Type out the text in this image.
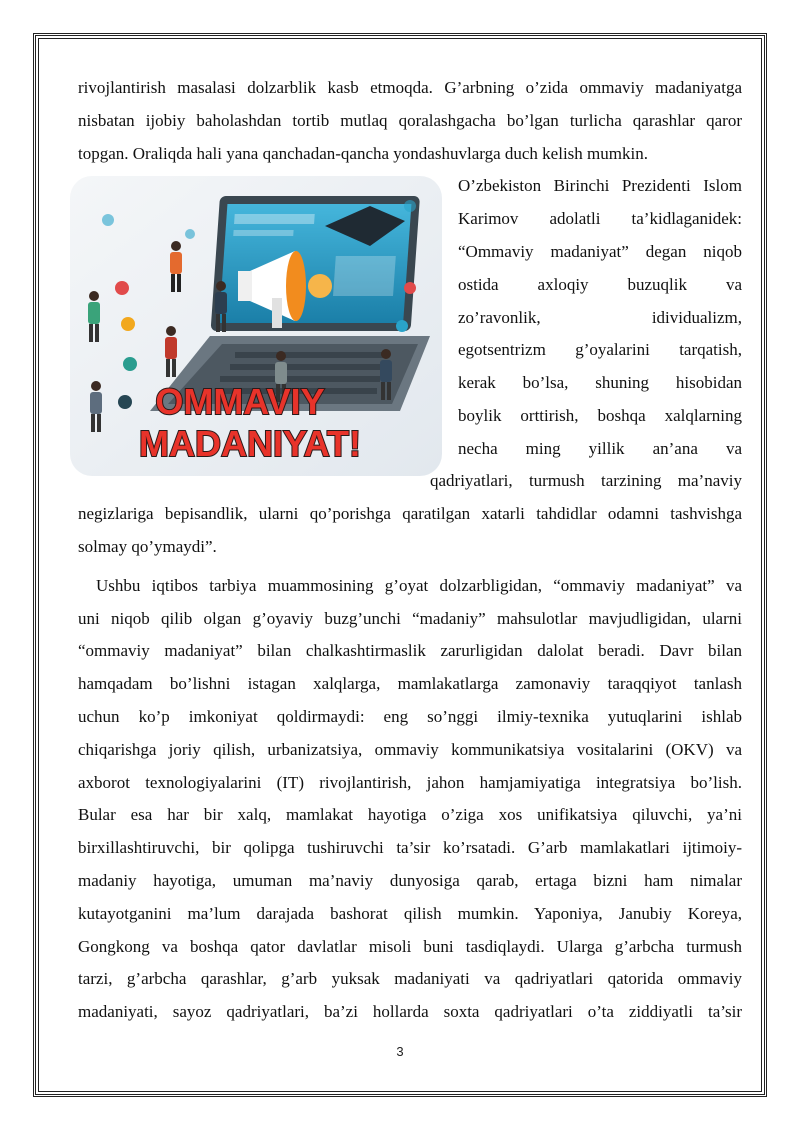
rivojlantirish masalasi dolzarblik kasb etmoqda. G’arbning o’zida ommaviy madaniyatga
nisbatan ijobiy baholashdan tortib mutlaq qoralashgacha bo’lgan turlicha qarashlar qaror
topgan. Oraliqda hali yana qanchadan-qancha yondashuvlarga duch kelish mumkin.
OMMAVIY
MADANIYAT!
O’zbekiston Birinchi Prezidenti Islom
Karimov adolatli ta’kidlaganidek:
“Ommaviy madaniyat” degan niqob
ostida axloqiy buzuqlik va
zo’ravonlik, idividualizm,
egotsentrizm g’oyalarini tarqatish,
kerak bo’lsa, shuning hisobidan
boylik orttirish, boshqa xalqlarning
necha ming yillik an’ana va
qadriyatlari, turmush tarzining ma’naviy
negizlariga bepisandlik, ularni qo’porishga qaratilgan xatarli tahdidlar odamni tashvishga
solmay qo’ymaydi”.
Ushbu iqtibos tarbiya muammosining g’oyat dolzarbligidan, “ommaviy madaniyat” va
uni niqob qilib olgan g’oyaviy buzg’unchi “madaniy” mahsulotlar mavjudligidan, ularni
“ommaviy madaniyat” bilan chalkashtirmaslik zarurligidan dalolat beradi. Davr bilan
hamqadam bo’lishni istagan xalqlarga, mamlakatlarga zamonaviy taraqqiyot tanlash
uchun ko’p imkoniyat qoldirmaydi: eng so’nggi ilmiy-texnika yutuqlarini ishlab
chiqarishga joriy qilish, urbanizatsiya, ommaviy kommunikatsiya vositalarini (OKV) va
axborot texnologiyalarini (IT) rivojlantirish, jahon hamjamiyatiga integratsiya bo’lish.
Bular esa har bir xalq, mamlakat hayotiga o’ziga xos unifikatsiya qiluvchi, ya’ni
birxillashtiruvchi, bir qolipga tushiruvchi ta’sir ko’rsatadi. G’arb mamlakatlari ijtimoiy-
madaniy hayotiga, umuman ma’naviy dunyosiga qarab, ertaga bizni ham nimalar
kutayotganini ma’lum darajada bashorat qilish mumkin. Yaponiya, Janubiy Koreya,
Gongkong va boshqa qator davlatlar misoli buni tasdiqlaydi. Ularga g’arbcha turmush
tarzi, g’arbcha qarashlar, g’arb yuksak madaniyati va qadriyatlari qatorida ommaviy
madaniyati, sayoz qadriyatlari, ba’zi hollarda soxta qadriyatlari o’ta ziddiyatli ta’sir
3
